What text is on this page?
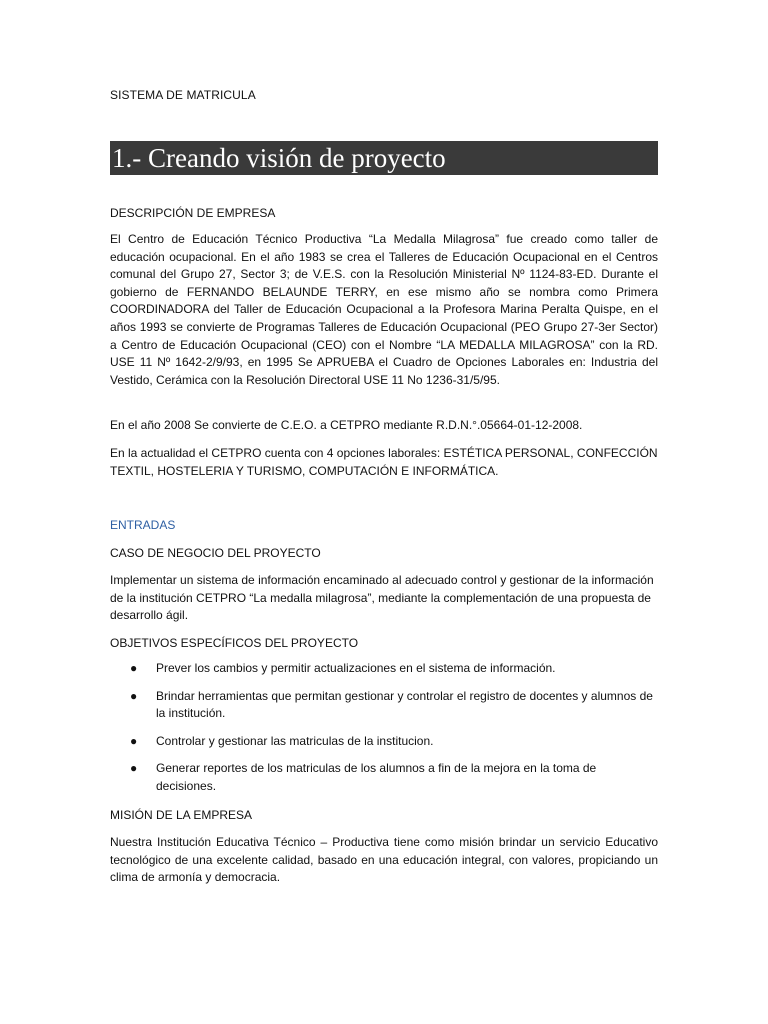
SISTEMA DE MATRICULA
1.- Creando visión de proyecto
DESCRIPCIÓN DE EMPRESA

El Centro de Educación Técnico Productiva “La Medalla Milagrosa” fue creado como taller de educación ocupacional. En el año 1983 se crea el Talleres de Educación Ocupacional en el Centros comunal del Grupo 27, Sector 3; de V.E.S. con la Resolución Ministerial Nº 1124-83-ED. Durante el gobierno de FERNANDO BELAUNDE TERRY, en ese mismo año se nombra como Primera COORDINADORA del Taller de Educación Ocupacional a la Profesora Marina Peralta Quispe, en el años 1993 se convierte de Programas Talleres de Educación Ocupacional (PEO Grupo 27-3er Sector) a Centro de Educación Ocupacional (CEO) con el Nombre “LA MEDALLA MILAGROSA” con la RD. USE 11 Nº 1642-2/9/93, en 1995 Se APRUEBA el Cuadro de Opciones Laborales en: Industria del Vestido, Cerámica con la Resolución Directoral USE 11 No 1236-31/5/95.

En el año 2008 Se convierte de C.E.O. a CETPRO mediante R.D.N.°.05664-01-12-2008.

En la actualidad el CETPRO cuenta con 4 opciones laborales: ESTÉTICA PERSONAL, CONFECCIÓN TEXTIL, HOSTELERIA Y TURISMO, COMPUTACIÓN E INFORMÁTICA.

ENTRADAS
CASO DE NEGOCIO DEL PROYECTO

Implementar un sistema de información encaminado al adecuado control y gestionar de la información de la institución CETPRO “La medalla milagrosa”, mediante la complementación de una propuesta de desarrollo ágil.

OBJETIVOS ESPECÍFICOS DEL PROYECTO
● Prever los cambios y permitir actualizaciones en el sistema de información.
● Brindar herramientas que permitan gestionar y controlar el registro de docentes y alumnos de la institución.
● Controlar y gestionar las matriculas de la institucion.
● Generar reportes de los matriculas de los alumnos a fin de la mejora en la toma de decisiones.
MISIÓN DE LA EMPRESA

Nuestra Institución Educativa Técnico – Productiva tiene como misión brindar un servicio Educativo tecnológico de una excelente calidad, basado en una educación integral, con valores, propiciando un clima de armonía y democracia.
